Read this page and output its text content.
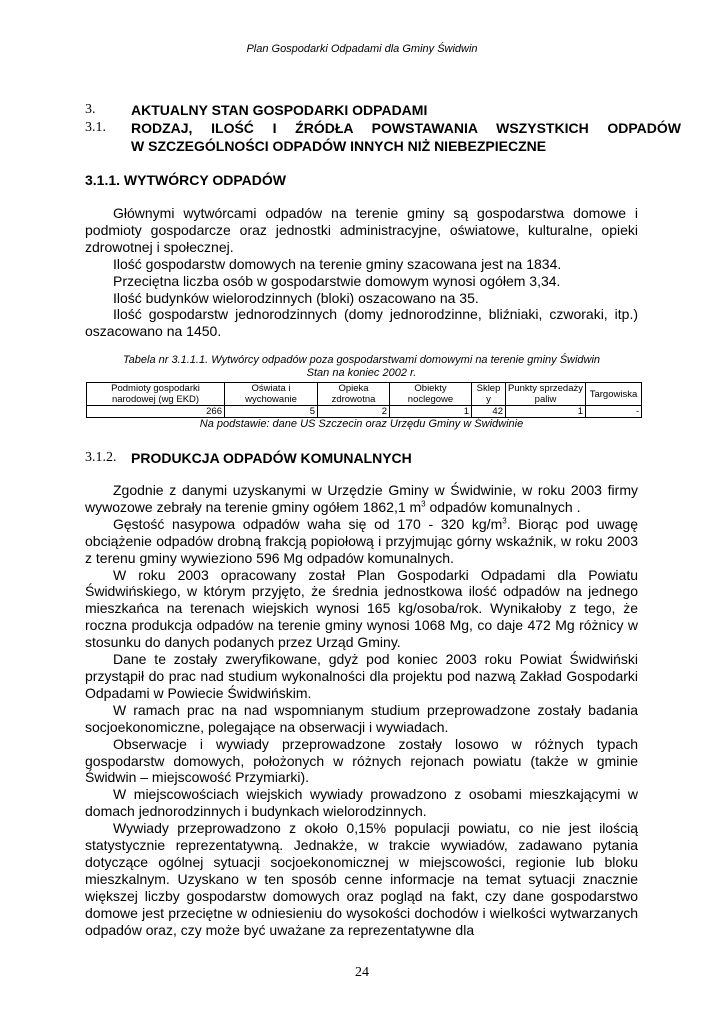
Plan Gospodarki Odpadami dla Gminy Świdwin
3.	AKTUALNY STAN GOSPODARKI ODPADAMI
3.1. RODZAJ, ILOŚĆ I ŹRÓDŁA POWSTAWANIA WSZYSTKICH ODPADÓW
W SZCZEGÓLNOŚCI ODPADÓW INNYCH NIŻ NIEBEZPIECZNE
3.1.1. WYTWÓRCY ODPADÓW

Głównymi wytwórcami odpadów na terenie gminy są gospodarstwa domowe i podmioty gospodarcze oraz jednostki administracyjne, oświatowe, kulturalne, opieki zdrowotnej i społecznej.

Ilość gospodarstw domowych na terenie gminy szacowana jest na 1834.

Przeciętna liczba osób w gospodarstwie domowym wynosi ogółem 3,34.

Ilość budynków wielorodzinnych (bloki) oszacowano na 35.

Ilość gospodarstw jednorodzinnych (domy jednorodzinne, bliźniaki, czworaki, itp.) oszacowano na 1450.

Tabela nr 3.1.1.1. Wytwórcy odpadów poza gospodarstwami domowymi na terenie gminy Świdwin
Stan na koniec 2002 r.
Podmioty gospodarki narodowej (wg EKD)	Oświata i wychowanie	Opieka zdrowotna	Obiekty noclegowe	Sklep y	Punkty sprzedaży paliw	Targowiska
266	5	2	1	42	1	-
Na podstawie: dane US Szczecin oraz Urzędu Gminy w Świdwinie
3.1.2. PRODUKCJA ODPADÓW KOMUNALNYCH

Zgodnie z danymi uzyskanymi w Urzędzie Gminy w Świdwinie, w roku 2003 firmy wywozowe zebrały na terenie gminy ogółem 1862,1 $m^3$ odpadów komunalnych .

Gęstość nasypowa odpadów waha się od 170 - 320 $kg/m^3$. Biorąc pod uwagę obciążenie odpadów drobną frakcją popiołową i przyjmując górny wskaźnik, w roku 2003 z terenu gminy wywieziono 596 Mg odpadów komunalnych.

W roku 2003 opracowany został Plan Gospodarki Odpadami dla Powiatu Świdwińskiego, w którym przyjęto, że średnia jednostkowa ilość odpadów na jednego mieszkańca na terenach wiejskich wynosi 165 kg/osoba/rok. Wynikałoby z tego, że roczna produkcja odpadów na terenie gminy wynosi 1068 Mg, co daje 472 Mg różnicy w stosunku do danych podanych przez Urząd Gminy.

Dane te zostały zweryfikowane, gdyż pod koniec 2003 roku Powiat Świdwiński przystąpił do prac nad studium wykonalności dla projektu pod nazwą Zakład Gospodarki Odpadami w Powiecie Świdwińskim.

W ramach prac na nad wspomnianym studium przeprowadzone zostały badania socjoekonomiczne, polegające na obserwacji i wywiadach.

Obserwacje i wywiady przeprowadzone zostały losowo w różnych typach gospodarstw domowych, położonych w różnych rejonach powiatu (także w gminie Świdwin – miejscowość Przymiarki).

W miejscowościach wiejskich wywiady prowadzono z osobami mieszkającymi w domach jednorodzinnych i budynkach wielorodzinnych.

Wywiady przeprowadzono z około 0,15% populacji powiatu, co nie jest ilością statystycznie reprezentatywną. Jednakże, w trakcie wywiadów, zadawano pytania dotyczące ogólnej sytuacji socjoekonomicznej w miejscowości, regionie lub bloku mieszkalnym. Uzyskano w ten sposób cenne informacje na temat sytuacji znacznie większej liczby gospodarstw domowych oraz pogląd na fakt, czy dane gospodarstwo domowe jest przeciętne w odniesieniu do wysokości dochodów i wielkości wytwarzanych odpadów oraz, czy może być uważane za reprezentatywne dla

24
